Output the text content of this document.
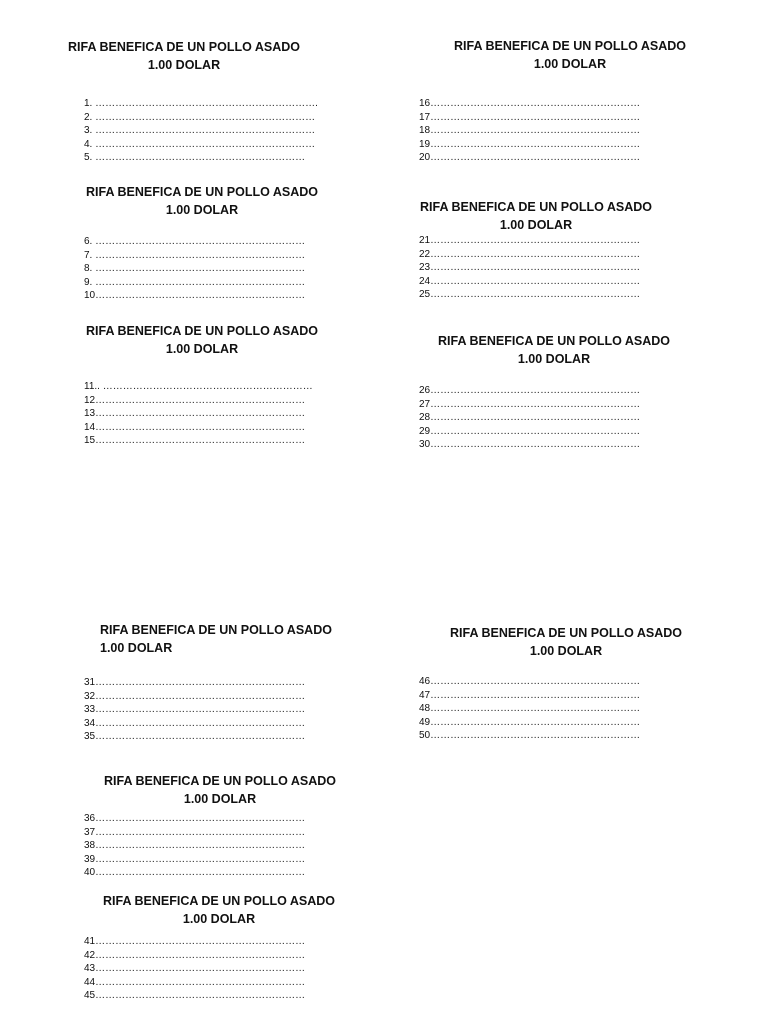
RIFA BENEFICA DE UN POLLO ASADO
1.00 DOLAR
1. ………………………………………………………….
2. …………………………………………………………
3. …………………………………………………………
4. …………………………………………………………
5. ………………………………………………………
RIFA BENEFICA DE UN POLLO ASADO
1.00 DOLAR
16………………………………………………………
17………………………………………………………
18………………………………………………………
19………………………………………………………
20………………………………………………………
RIFA BENEFICA DE UN POLLO ASADO
1.00 DOLAR
6. ………………………………………………………
7. ………………………………………………………
8. ………………………………………………………
9. ………………………………………………………
10………………………………………………………
RIFA BENEFICA DE UN POLLO ASADO
1.00 DOLAR
21………………………………………………………
22………………………………………………………
23………………………………………………………
24………………………………………………………
25………………………………………………………
RIFA BENEFICA DE UN POLLO ASADO
1.00 DOLAR
11.. ………………………………………………………
12………………………………………………………
13………………………………………………………
14………………………………………………………
15………………………………………………………
RIFA BENEFICA DE UN POLLO ASADO
1.00 DOLAR
26………………………………………………………
27………………………………………………………
28………………………………………………………
29………………………………………………………
30………………………………………………………
RIFA BENEFICA DE UN POLLO ASADO
1.00 DOLAR
31………………………………………………………
32………………………………………………………
33………………………………………………………
34………………………………………………………
35………………………………………………………
RIFA BENEFICA DE UN POLLO ASADO
1.00 DOLAR
46………………………………………………………
47………………………………………………………
48………………………………………………………
49………………………………………………………
50………………………………………………………
RIFA BENEFICA DE UN POLLO ASADO
1.00 DOLAR
36………………………………………………………
37………………………………………………………
38………………………………………………………
39………………………………………………………
40………………………………………………………
RIFA BENEFICA DE UN POLLO ASADO
1.00 DOLAR
41………………………………………………………
42………………………………………………………
43………………………………………………………
44………………………………………………………
45………………………………………………………
